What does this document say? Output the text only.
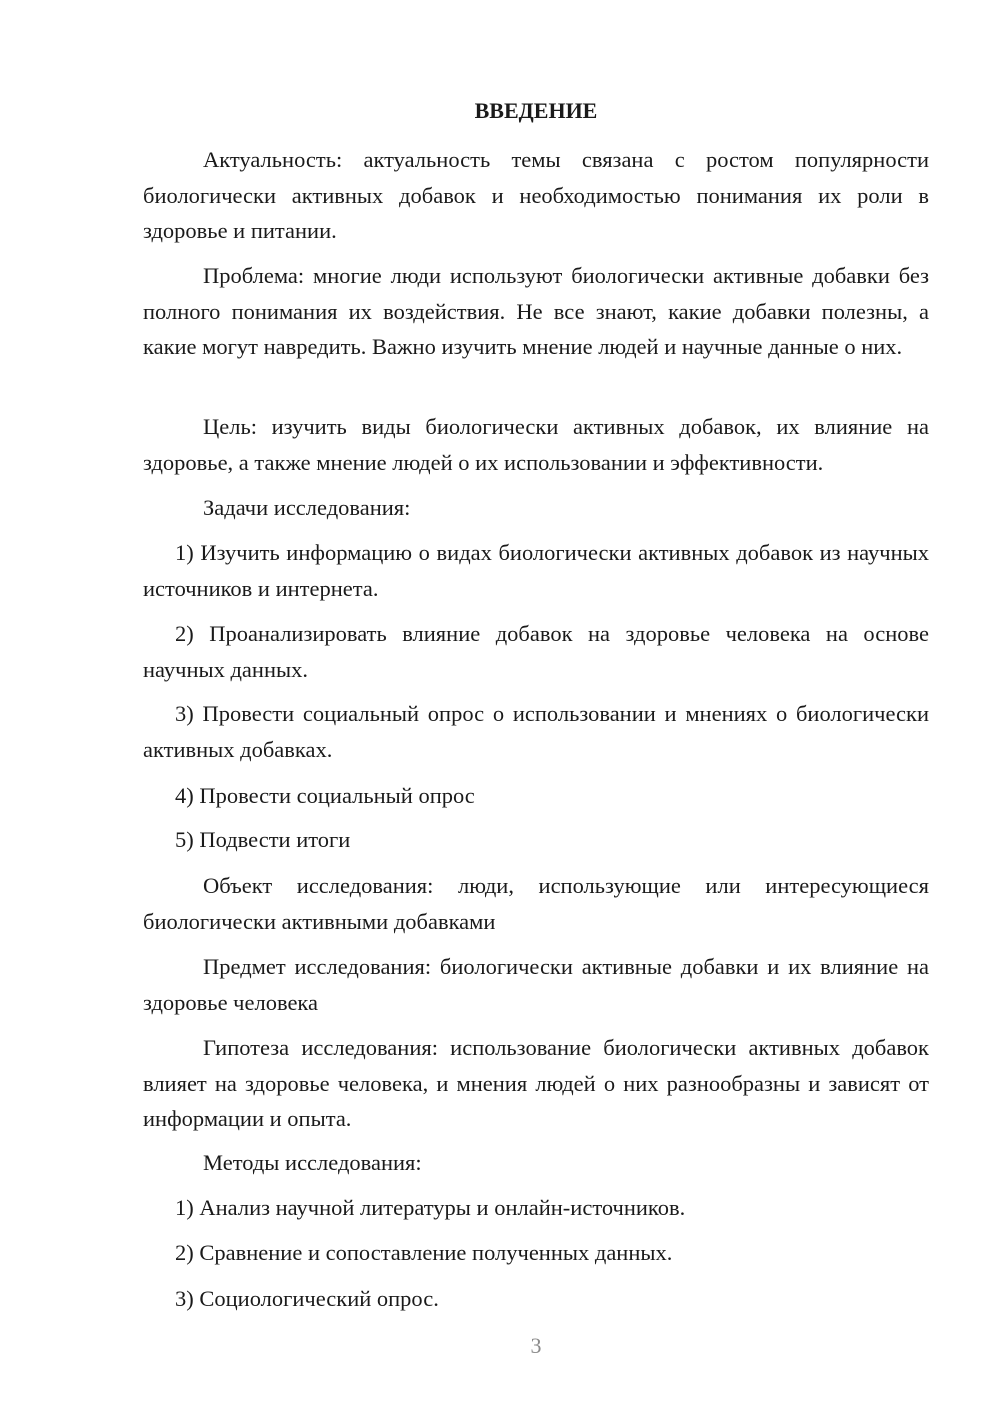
ВВЕДЕНИЕ

Актуальность: актуальность темы связана с ростом популярности биологически активных добавок и необходимостью понимания их роли в здоровье и питании.

Проблема: многие люди используют биологически активные добавки без полного понимания их воздействия. Не все знают, какие добавки полезны, а какие могут навредить. Важно изучить мнение людей и научные данные о них.

Цель: изучить виды биологически активных добавок, их влияние на здоровье, а также мнение людей о их использовании и эффективности.

Задачи исследования:

1) Изучить информацию о видах биологически активных добавок из научных источников и интернета.

2) Проанализировать влияние добавок на здоровье человека на основе научных данных.

3) Провести социальный опрос о использовании и мнениях о биологически активных добавках.

4) Провести социальный опрос

5) Подвести итоги

Объект исследования: люди, использующие или интересующиеся биологически активными добавками

Предмет исследования: биологически активные добавки и их влияние на здоровье человека

Гипотеза исследования: использование биологически активных добавок влияет на здоровье человека, и мнения людей о них разнообразны и зависят от информации и опыта.

Методы исследования:

1) Анализ научной литературы и онлайн-источников.

2) Сравнение и сопоставление полученных данных.

3) Социологический опрос.

3
